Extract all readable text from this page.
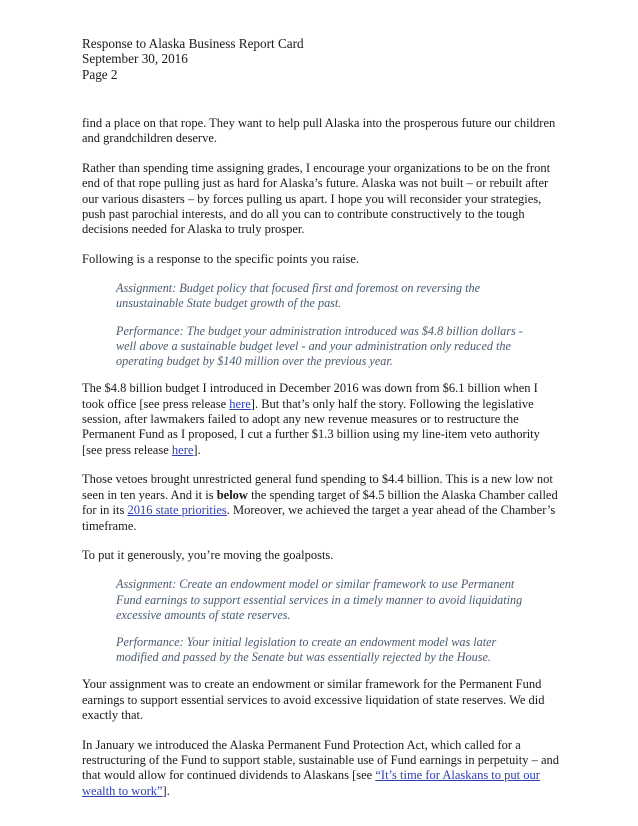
Response to Alaska Business Report Card
September 30, 2016
Page 2

find a place on that rope. They want to help pull Alaska into the prosperous future our children and grandchildren deserve.

Rather than spending time assigning grades, I encourage your organizations to be on the front end of that rope pulling just as hard for Alaska’s future. Alaska was not built – or rebuilt after our various disasters – by forces pulling us apart. I hope you will reconsider your strategies, push past parochial interests, and do all you can to contribute constructively to the tough decisions needed for Alaska to truly prosper.

Following is a response to the specific points you raise.

Assignment: Budget policy that focused first and foremost on reversing the unsustainable State budget growth of the past.

Performance: The budget your administration introduced was $4.8 billion dollars - well above a sustainable budget level - and your administration only reduced the operating budget by $140 million over the previous year.

The $4.8 billion budget I introduced in December 2016 was down from $6.1 billion when I took office [see press release here]. But that’s only half the story. Following the legislative session, after lawmakers failed to adopt any new revenue measures or to restructure the Permanent Fund as I proposed, I cut a further $1.3 billion using my line-item veto authority [see press release here].

Those vetoes brought unrestricted general fund spending to $4.4 billion. This is a new low not seen in ten years. And it is below the spending target of $4.5 billion the Alaska Chamber called for in its 2016 state priorities. Moreover, we achieved the target a year ahead of the Chamber’s timeframe.

To put it generously, you’re moving the goalposts.

Assignment: Create an endowment model or similar framework to use Permanent Fund earnings to support essential services in a timely manner to avoid liquidating excessive amounts of state reserves.

Performance: Your initial legislation to create an endowment model was later modified and passed by the Senate but was essentially rejected by the House.

Your assignment was to create an endowment or similar framework for the Permanent Fund earnings to support essential services to avoid excessive liquidation of state reserves. We did exactly that.

In January we introduced the Alaska Permanent Fund Protection Act, which called for a restructuring of the Fund to support stable, sustainable use of Fund earnings in perpetuity – and that would allow for continued dividends to Alaskans [see “It’s time for Alaskans to put our wealth to work”].
